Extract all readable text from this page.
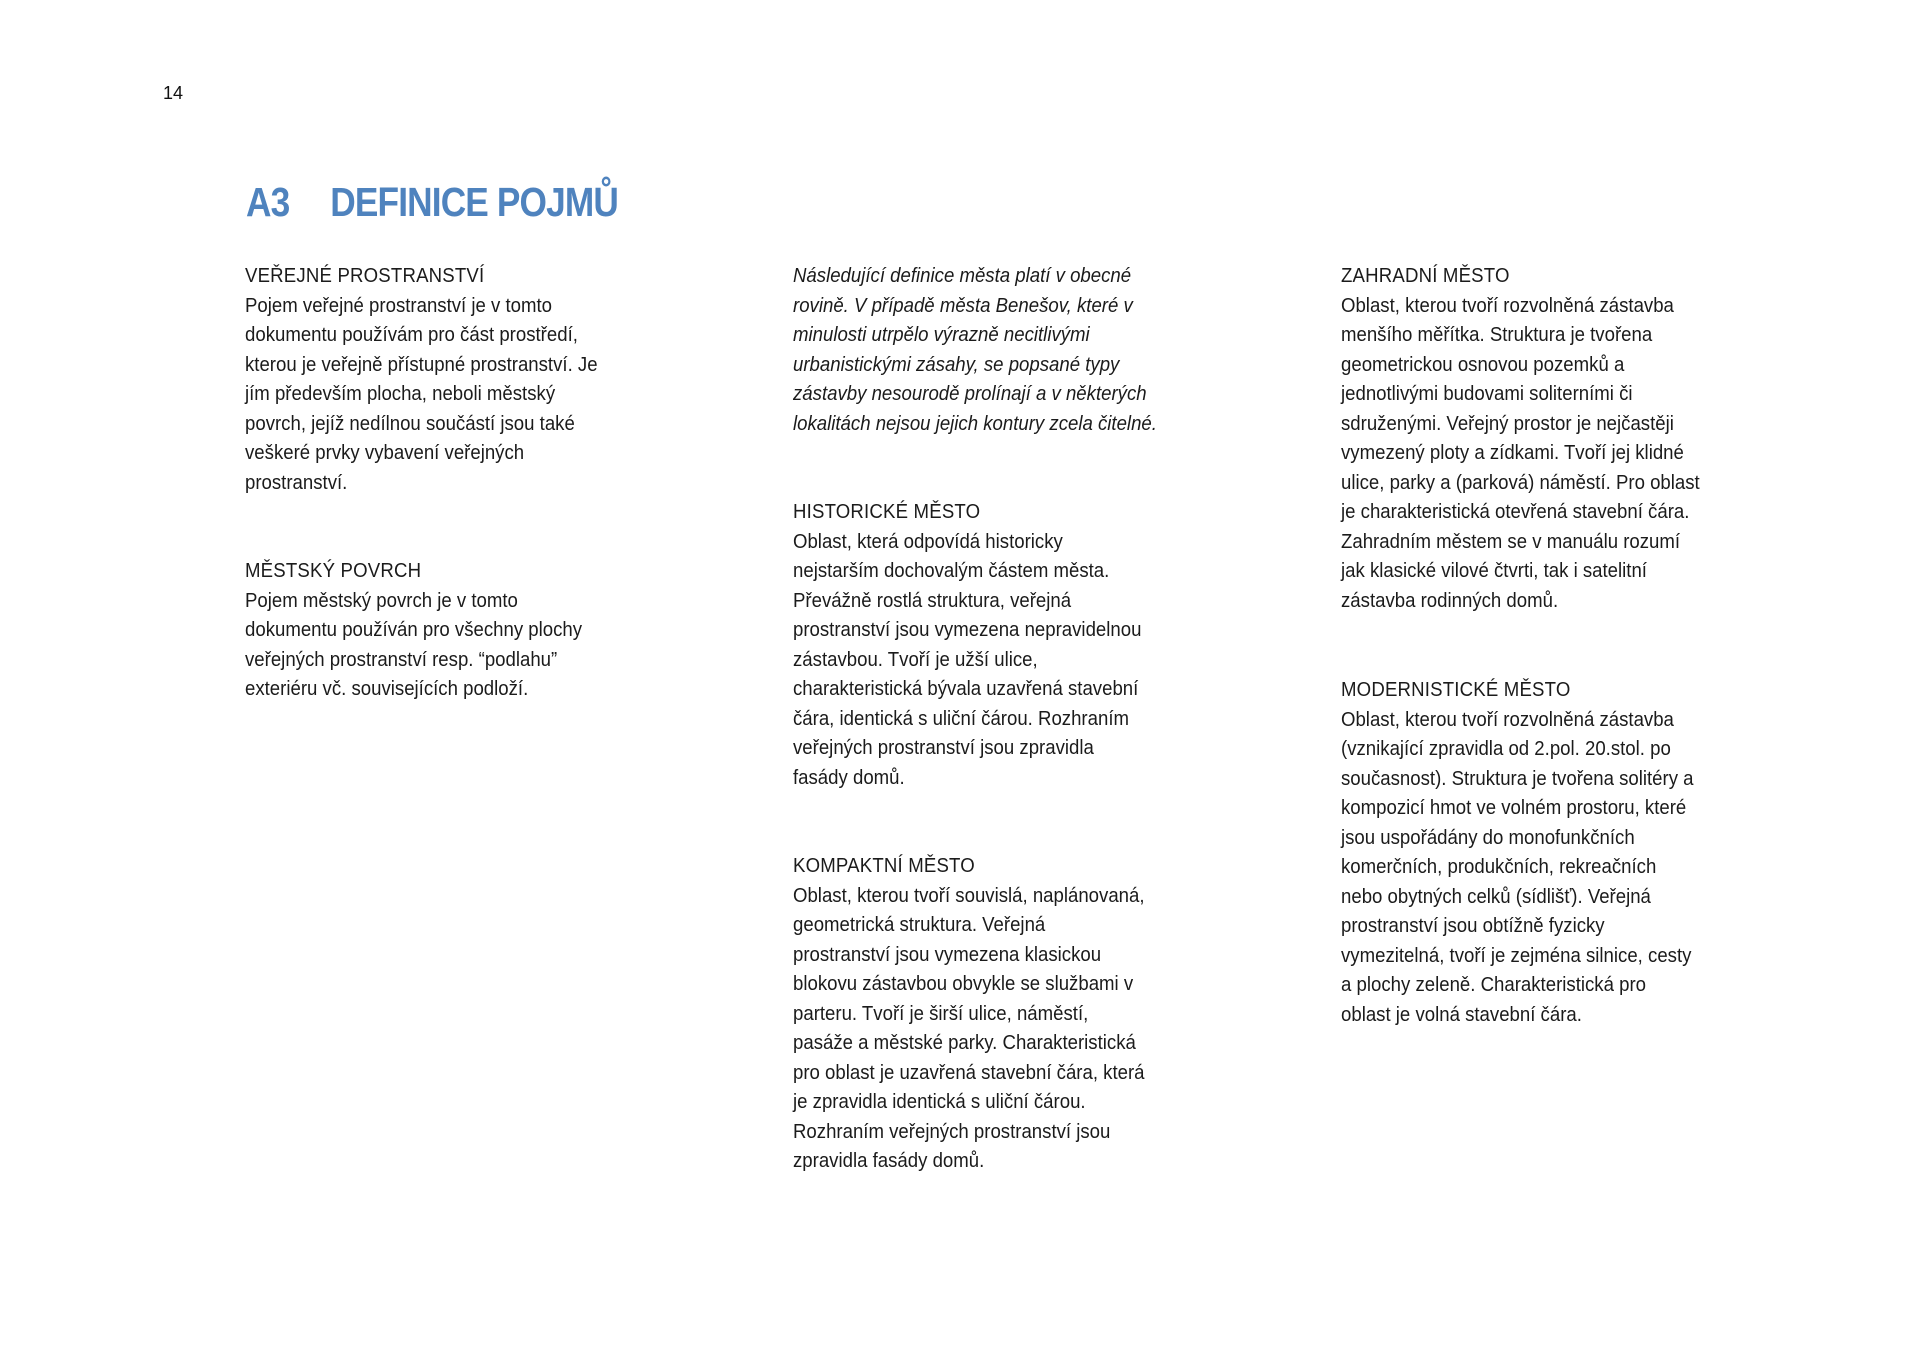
14
A3 DEFINICE POJMŮ
VEŘEJNÉ PROSTRANSTVÍ
Pojem veřejné prostranství je v tomto
dokumentu používám pro část prostředí,
kterou je veřejně přístupné prostranství. Je
jím především plocha, neboli městský
povrch, jejíž nedílnou součástí jsou také
veškeré prvky vybavení veřejných
prostranství.
MĚSTSKÝ POVRCH
Pojem městský povrch je v tomto
dokumentu používán pro všechny plochy
veřejných prostranství resp. “podlahu”
exteriéru vč. souvisejících podloží.
Následující definice města platí v obecné
rovině. V případě města Benešov, které v
minulosti utrpělo výrazně necitlivými
urbanistickými zásahy, se popsané typy
zástavby nesourodě prolínají a v některých
lokalitách nejsou jejich kontury zcela čitelné.
HISTORICKÉ MĚSTO
Oblast, která odpovídá historicky
nejstarším dochovalým částem města.
Převážně rostlá struktura, veřejná
prostranství jsou vymezena nepravidelnou
zástavbou. Tvoří je užší ulice,
charakteristická bývala uzavřená stavební
čára, identická s uliční čárou. Rozhraním
veřejných prostranství jsou zpravidla
fasády domů.
KOMPAKTNÍ MĚSTO
Oblast, kterou tvoří souvislá, naplánovaná,
geometrická struktura. Veřejná
prostranství jsou vymezena klasickou
blokovu zástavbou obvykle se službami v
parteru. Tvoří je širší ulice, náměstí,
pasáže a městské parky. Charakteristická
pro oblast je uzavřená stavební čára, která
je zpravidla identická s uliční čárou.
Rozhraním veřejných prostranství jsou
zpravidla fasády domů.
ZAHRADNÍ MĚSTO
Oblast, kterou tvoří rozvolněná zástavba
menšího měřítka. Struktura je tvořena
geometrickou osnovou pozemků a
jednotlivými budovami soliterními či
sdruženými. Veřejný prostor je nejčastěji
vymezený ploty a zídkami. Tvoří jej klidné
ulice, parky a (parková) náměstí. Pro oblast
je charakteristická otevřená stavební čára.
Zahradním městem se v manuálu rozumí
jak klasické vilové čtvrti, tak i satelitní
zástavba rodinných domů.
MODERNISTICKÉ MĚSTO
Oblast, kterou tvoří rozvolněná zástavba
(vznikající zpravidla od 2.pol. 20.stol. po
současnost). Struktura je tvořena solitéry a
kompozicí hmot ve volném prostoru, které
jsou uspořádány do monofunkčních
komerčních, produkčních, rekreačních
nebo obytných celků (sídlišť). Veřejná
prostranství jsou obtížně fyzicky
vymezitelná, tvoří je zejména silnice, cesty
a plochy zeleně. Charakteristická pro
oblast je volná stavební čára.
